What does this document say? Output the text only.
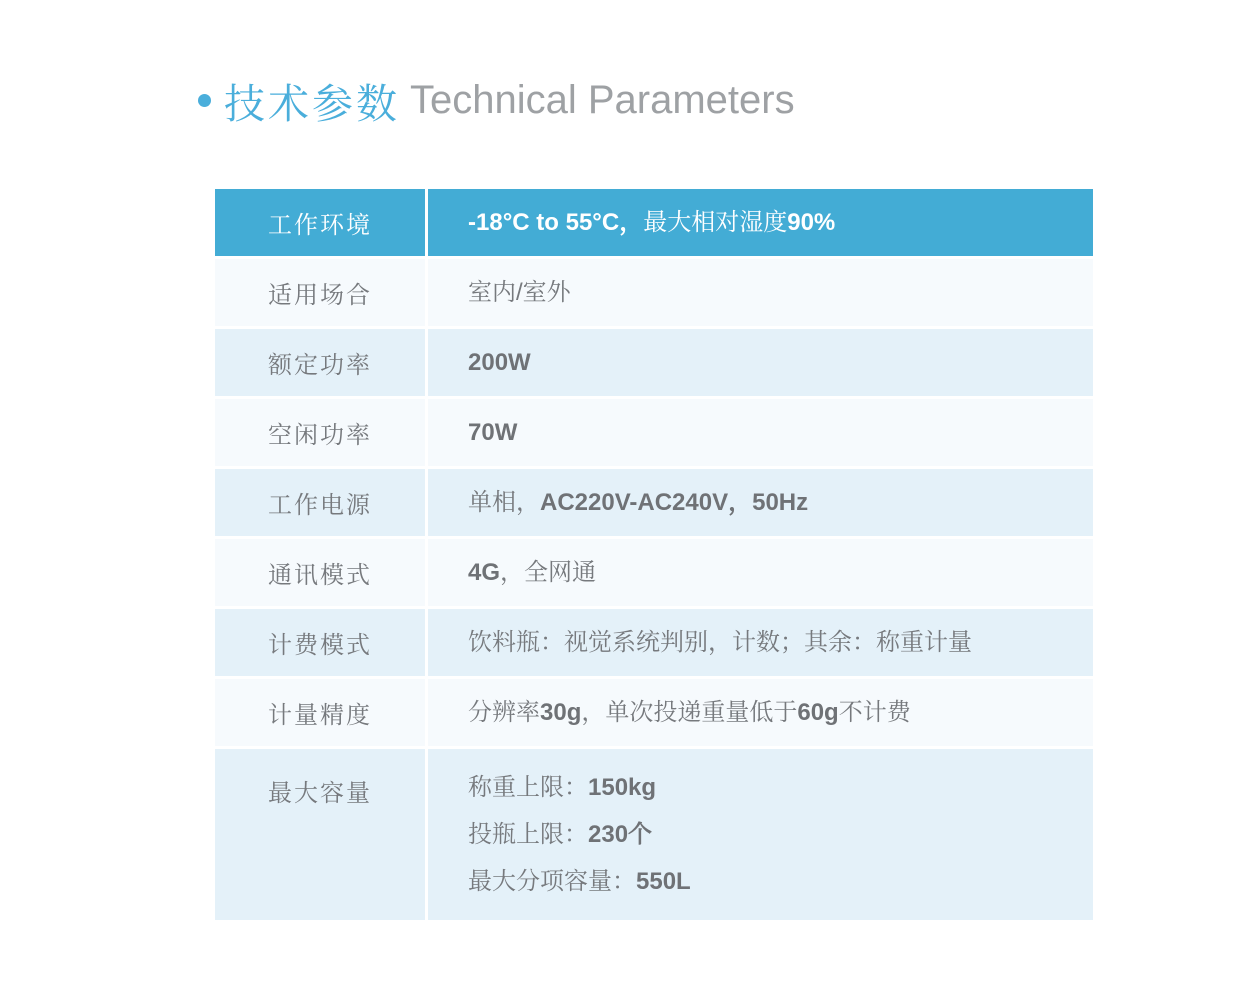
技术参数 Technical Parameters
工作环境	-18°C to 55°C，最大相对湿度90%
适用场合	室内/室外
额定功率	200W
空闲功率	70W
工作电源	单相，AC220V-AC240V，50Hz
通讯模式	4G，全网通
计费模式	饮料瓶：视觉系统判别，计数；其余：称重计量
计量精度	分辨率30g，单次投递重量低于60g不计费
最大容量	称重上限：150kg
投瓶上限：230个
最大分项容量：550L
